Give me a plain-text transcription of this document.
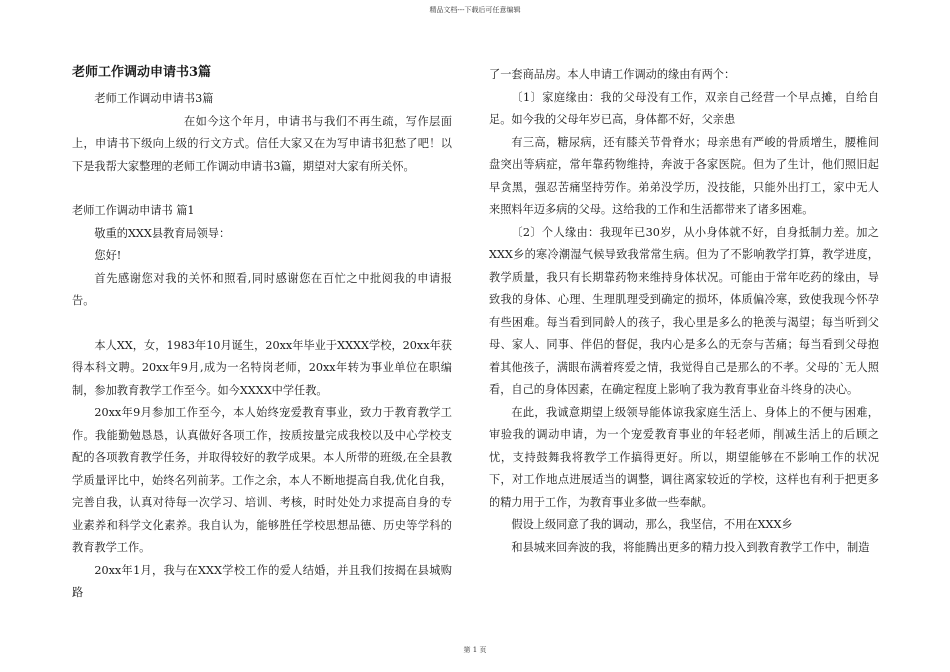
精品文档---下载后可任意编辑
老师工作调动申请书3篇

老师工作调动申请书3篇

在如今这个年月，申请书与我们不再生疏，写作层面上，申请书下级向上级的行文方式。信任大家又在为写申请书犯愁了吧！以下是我帮大家整理的老师工作调动申请书3篇，期望对大家有所关怀。

老师工作调动申请书 篇1

敬重的XXX县教育局领导：

您好!

首先感谢您对我的关怀和照看,同时感谢您在百忙之中批阅我的申请报告。

本人XX，女，1983年10月诞生，20xx年毕业于XXXX学校，20xx年获得本科文聘。20xx年9月,成为一名特岗老师，20xx年转为事业单位在职编制，参加教育教学工作至今。如今XXXX中学任教。

20xx年9月参加工作至今，本人始终宠爱教育事业，致力于教育教学工作。我能勤勉恳恳，认真做好各项工作，按质按量完成我校以及中心学校支配的各项教育教学任务，并取得较好的教学成果。本人所带的班级,在全县教学质量评比中，始终名列前茅。工作之余，本人不断地提高自我,优化自我，完善自我，认真对待每一次学习、培训、考核，时时处处力求提高自身的专业素养和科学文化素养。我自认为，能够胜任学校思想品德、历史等学科的教育教学工作。

20xx年1月，我与在XXX学校工作的爱人结婚，并且我们按揭在县城购路

了一套商品房。本人申请工作调动的缘由有两个：

〔1〕家庭缘由：我的父母没有工作，双亲自己经营一个早点摊，自给自足。如今我的父母年岁已高，身体都不好，父亲患

有三高，糖尿病，还有膝关节骨脊水；母亲患有严峻的骨质增生，腰椎间盘突出等病症，常年靠药物维持，奔波于各家医院。但为了生计，他们照旧起早贪黑，强忍苦痛坚持劳作。弟弟没学历，没技能，只能外出打工，家中无人来照料年迈多病的父母。这给我的工作和生活都带来了诸多困难。

〔2〕个人缘由：我现年已30岁，从小身体就不好，自身抵制力差。加之XXX乡的寒冷潮湿气候导致我常常生病。但为了不影响教学打算，教学进度，教学质量，我只有长期靠药物来维持身体状况。可能由于常年吃药的缘由，导致我的身体、心理、生理肌理受到确定的损坏，体质偏冷寒，致使我现今怀孕有些困难。每当看到同龄人的孩子，我心里是多么的艳羡与渴望；每当听到父母、家人、同事、伴侣的督促，我内心是多么的无奈与苦痛；每当看到父母抱着其他孩子，满眼布满着疼爱之情，我觉得自己是那么的不孝。父母的`无人照看，自己的身体因素，在确定程度上影响了我为教育事业奋斗终身的决心。

在此，我诚意期望上级领导能体谅我家庭生活上、身体上的不便与困难，审验我的调动申请，为一个宠爱教育事业的年轻老师，削减生活上的后顾之忧，支持鼓舞我将教学工作搞得更好。所以，期望能够在不影响工作的状况下，对工作地点进展适当的调整，调往离家较近的学校，这样也有利于把更多的精力用于工作，为教育事业多做一些奉献。

假设上级同意了我的调动，那么，我坚信，不用在XXX乡

和县城来回奔波的我，将能腾出更多的精力投入到教育教学工作中，制造

第 1 页
